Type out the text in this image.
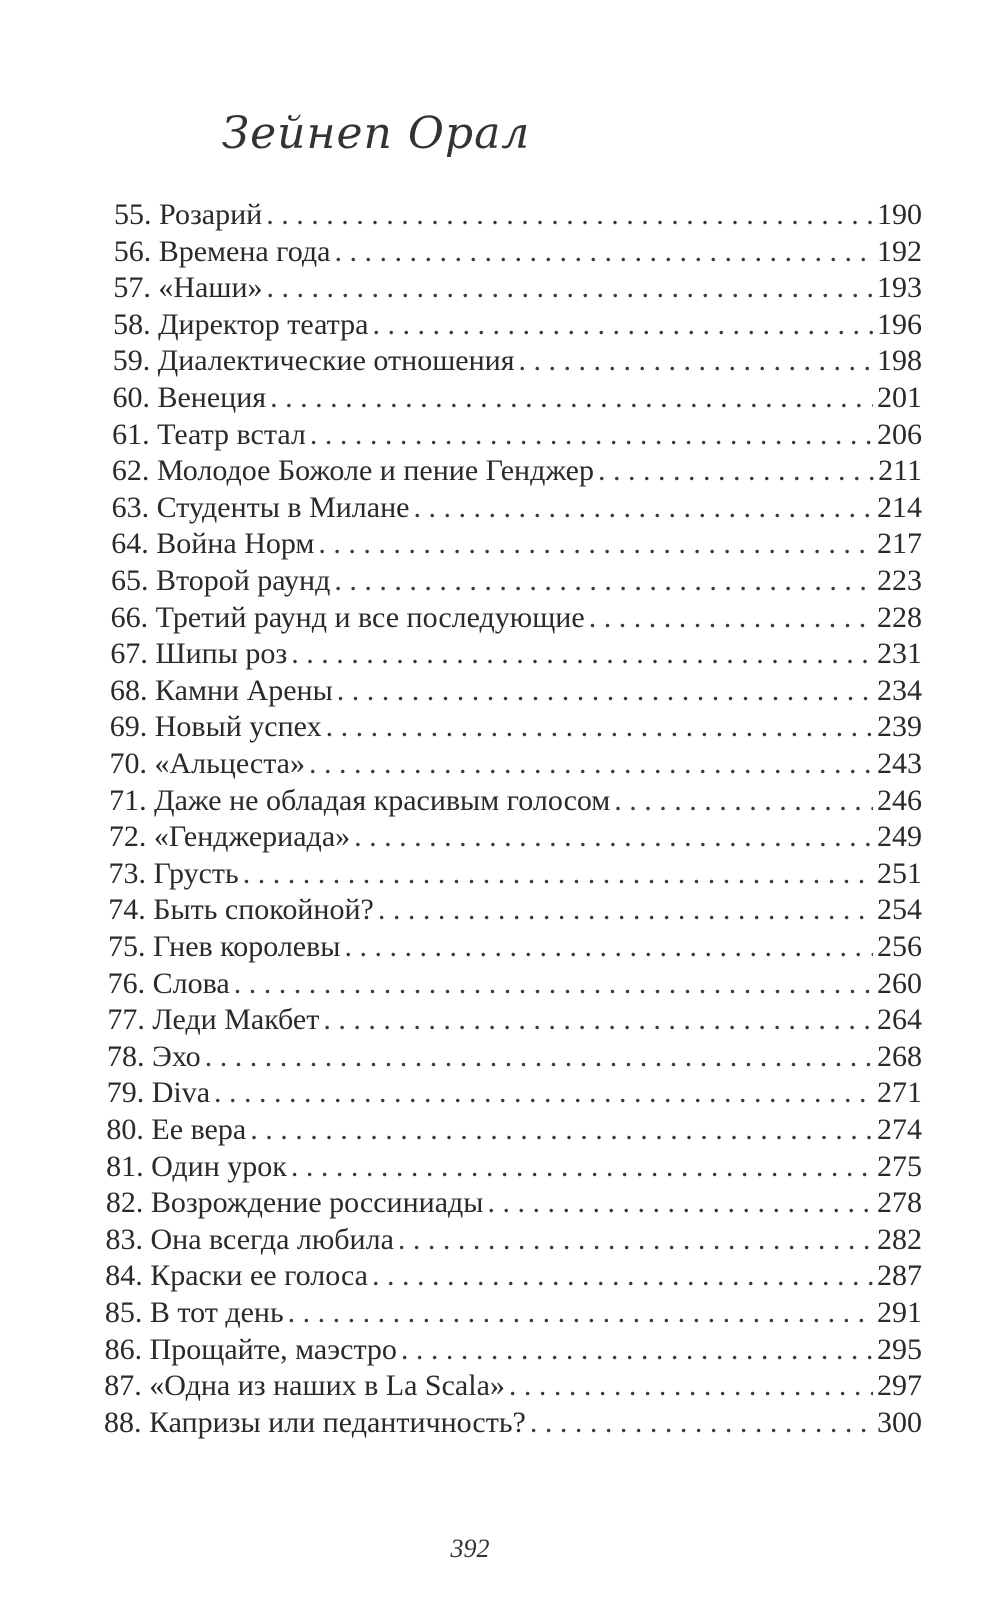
Зейнеп Орал
55. Розарий . . .	190
56. Времена года . . .	192
57. «Наши» . . .	193
58. Директор театра . . .	196
59. Диалектические отношения . . .	198
60. Венеция . . .	201
61. Театр встал . . .	206
62. Молодое Божоле и пение Генджер . . .	211
63. Студенты в Милане . . .	214
64. Война Норм . . .	217
65. Второй раунд . . .	223
66. Третий раунд и все последующие . . .	228
67. Шипы роз . . .	231
68. Камни Арены . . .	234
69. Новый успех . . .	239
70. «Альцеста» . . .	243
71. Даже не обладая красивым голосом . . .	246
72. «Генджериада» . . .	249
73. Грусть . . .	251
74. Быть спокойной? . . .	254
75. Гнев королевы . . .	256
76. Слова . . .	260
77. Леди Макбет . . .	264
78. Эхо . . .	268
79. Diva . . .	271
80. Ее вера . . .	274
81. Один урок . . .	275
82. Возрождение россиниады . . .	278
83. Она всегда любила . . .	282
84. Краски ее голоса . . .	287
85. В тот день . . .	291
86. Прощайте, маэстро . . .	295
87. «Одна из наших в La Scala» . . .	297
88. Капризы или педантичность? . . .	300
392
